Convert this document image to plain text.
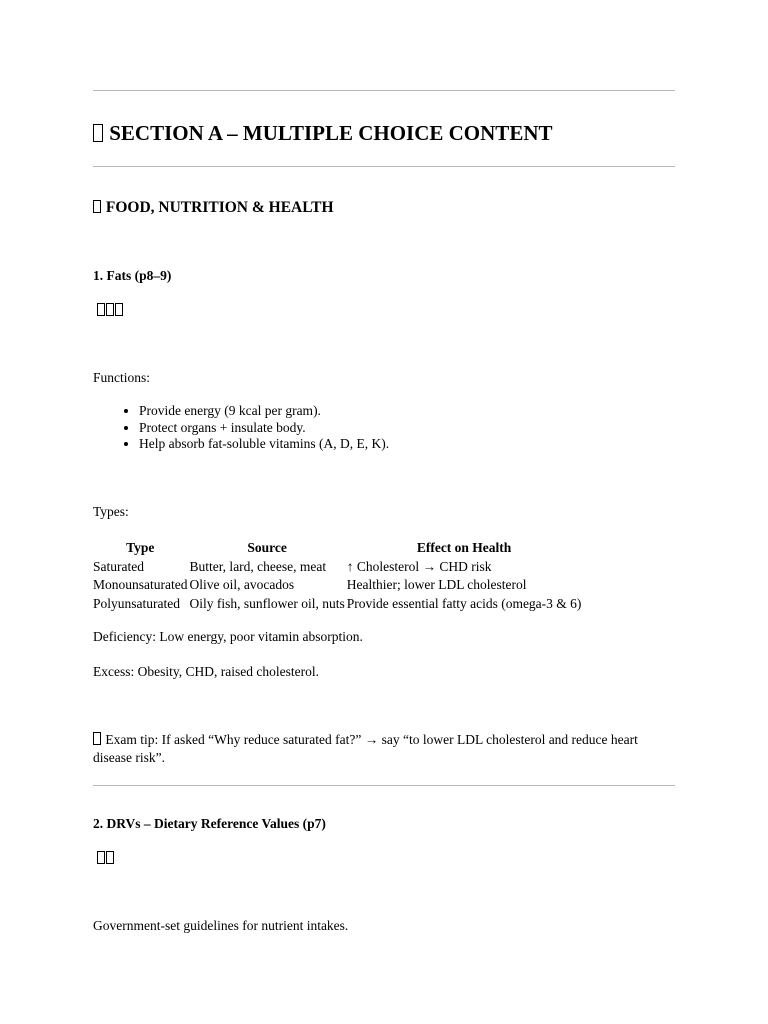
SECTION A – MULTIPLE CHOICE CONTENT
FOOD, NUTRITION & HEALTH
1. Fats (p8–9)
Functions:
• Provide energy (9 kcal per gram).
• Protect organs + insulate body.
• Help absorb fat-soluble vitamins (A, D, E, K).
Types:
Type	Source	Effect on Health
Saturated	Butter, lard, cheese, meat	↑ Cholesterol → CHD risk
Monounsaturated	Olive oil, avocados	Healthier; lower LDL cholesterol
Polyunsaturated	Oily fish, sunflower oil, nuts	Provide essential fatty acids (omega-3 & 6)
Deficiency: Low energy, poor vitamin absorption.
Excess: Obesity, CHD, raised cholesterol.
Exam tip: If asked “Why reduce saturated fat?” → say “to lower LDL cholesterol and reduce heart disease risk”.
2. DRVs – Dietary Reference Values (p7)
Government-set guidelines for nutrient intakes.
